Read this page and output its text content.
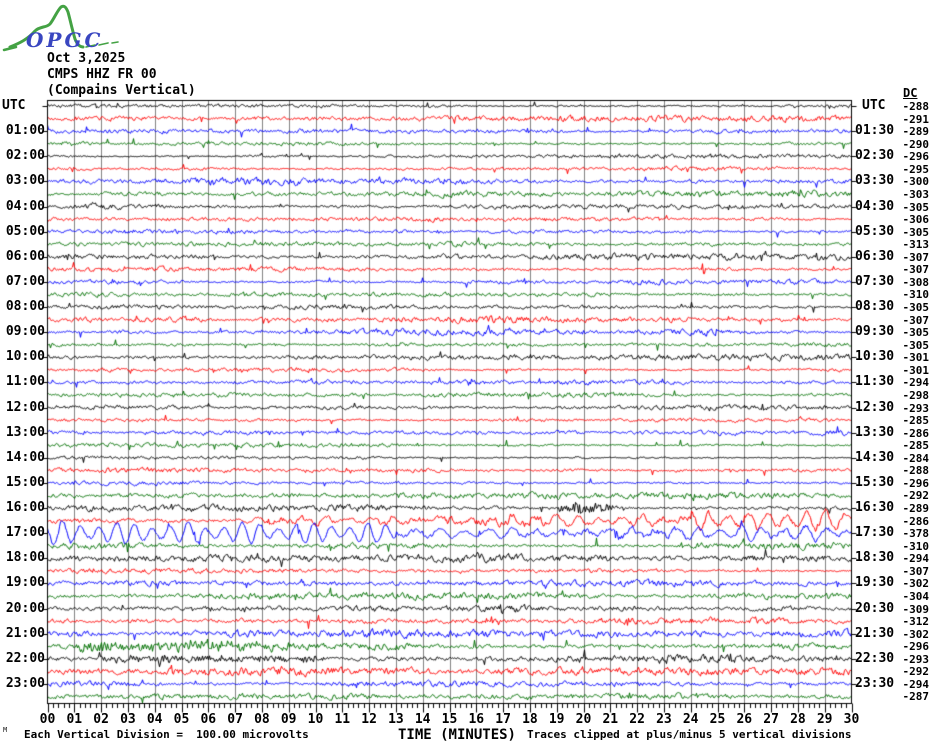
OPGC
Oct 3,2025
CMPS HHZ FR 00
(Compains Vertical)
UTC	UTC
DC
01:00
02:00
03:00
04:00
05:00
06:00
07:00
08:00
09:00
10:00
11:00
12:00
13:00
14:00
15:00
16:00
17:00
18:00
19:00
20:00
21:00
22:00
23:00
01:30
02:30
03:30
04:30
05:30
06:30
07:30
08:30
09:30
10:30
11:30
12:30
13:30
14:30
15:30
16:30
17:30
18:30
19:30
20:30
21:30
22:30
23:30
-288
-291
-289
-290
-296
-295
-300
-303
-305
-306
-305
-313
-307
-307
-308
-310
-305
-307
-305
-305
-301
-301
-294
-298
-293
-285
-286
-285
-284
-288
-296
-292
-289
-286
-378
-310
-294
-307
-302
-304
-309
-312
-302
-296
-293
-292
-294
-287
00 01 02 03 04 05 06 07 08 09 10 11 12 13 14 15 16 17 18 19 20 21 22 23 24 25 26 27 28 29 30
M Each Vertical Division =  100.00 microvolts	TIME (MINUTES)	Traces clipped at plus/minus 5 vertical divisions
